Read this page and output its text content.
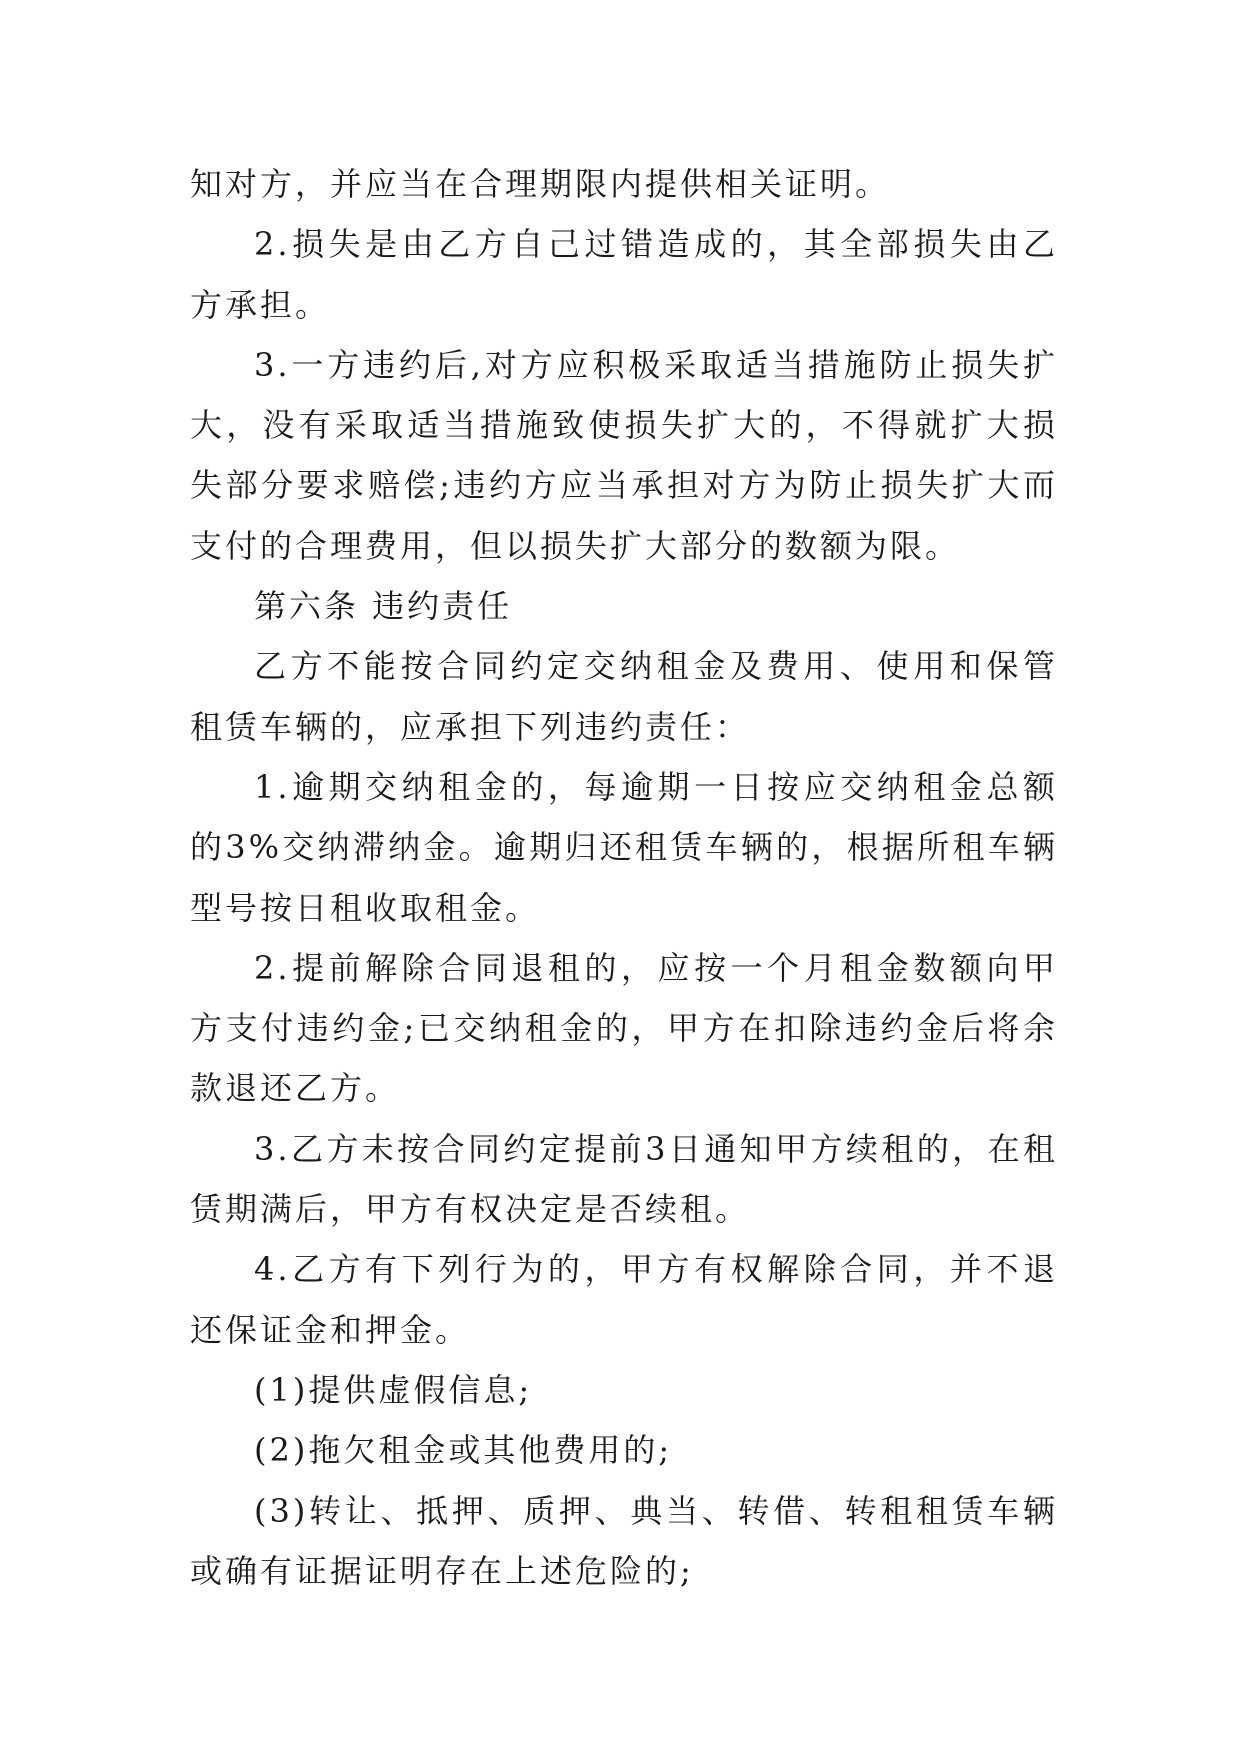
知对方，并应当在合理期限内提供相关证明。

2.损失是由乙方自己过错造成的，其全部损失由乙方承担。

3.一方违约后,对方应积极采取适当措施防止损失扩大，没有采取适当措施致使损失扩大的，不得就扩大损失部分要求赔偿;违约方应当承担对方为防止损失扩大而支付的合理费用，但以损失扩大部分的数额为限。

第六条 违约责任

乙方不能按合同约定交纳租金及费用、使用和保管租赁车辆的，应承担下列违约责任：

1.逾期交纳租金的，每逾期一日按应交纳租金总额的3%交纳滞纳金。逾期归还租赁车辆的，根据所租车辆型号按日租收取租金。

2.提前解除合同退租的，应按一个月租金数额向甲方支付违约金;已交纳租金的，甲方在扣除违约金后将余款退还乙方。

3.乙方未按合同约定提前3日通知甲方续租的，在租赁期满后，甲方有权决定是否续租。

4.乙方有下列行为的，甲方有权解除合同，并不退还保证金和押金。

(1)提供虚假信息;

(2)拖欠租金或其他费用的;

(3)转让、抵押、质押、典当、转借、转租租赁车辆或确有证据证明存在上述危险的;
